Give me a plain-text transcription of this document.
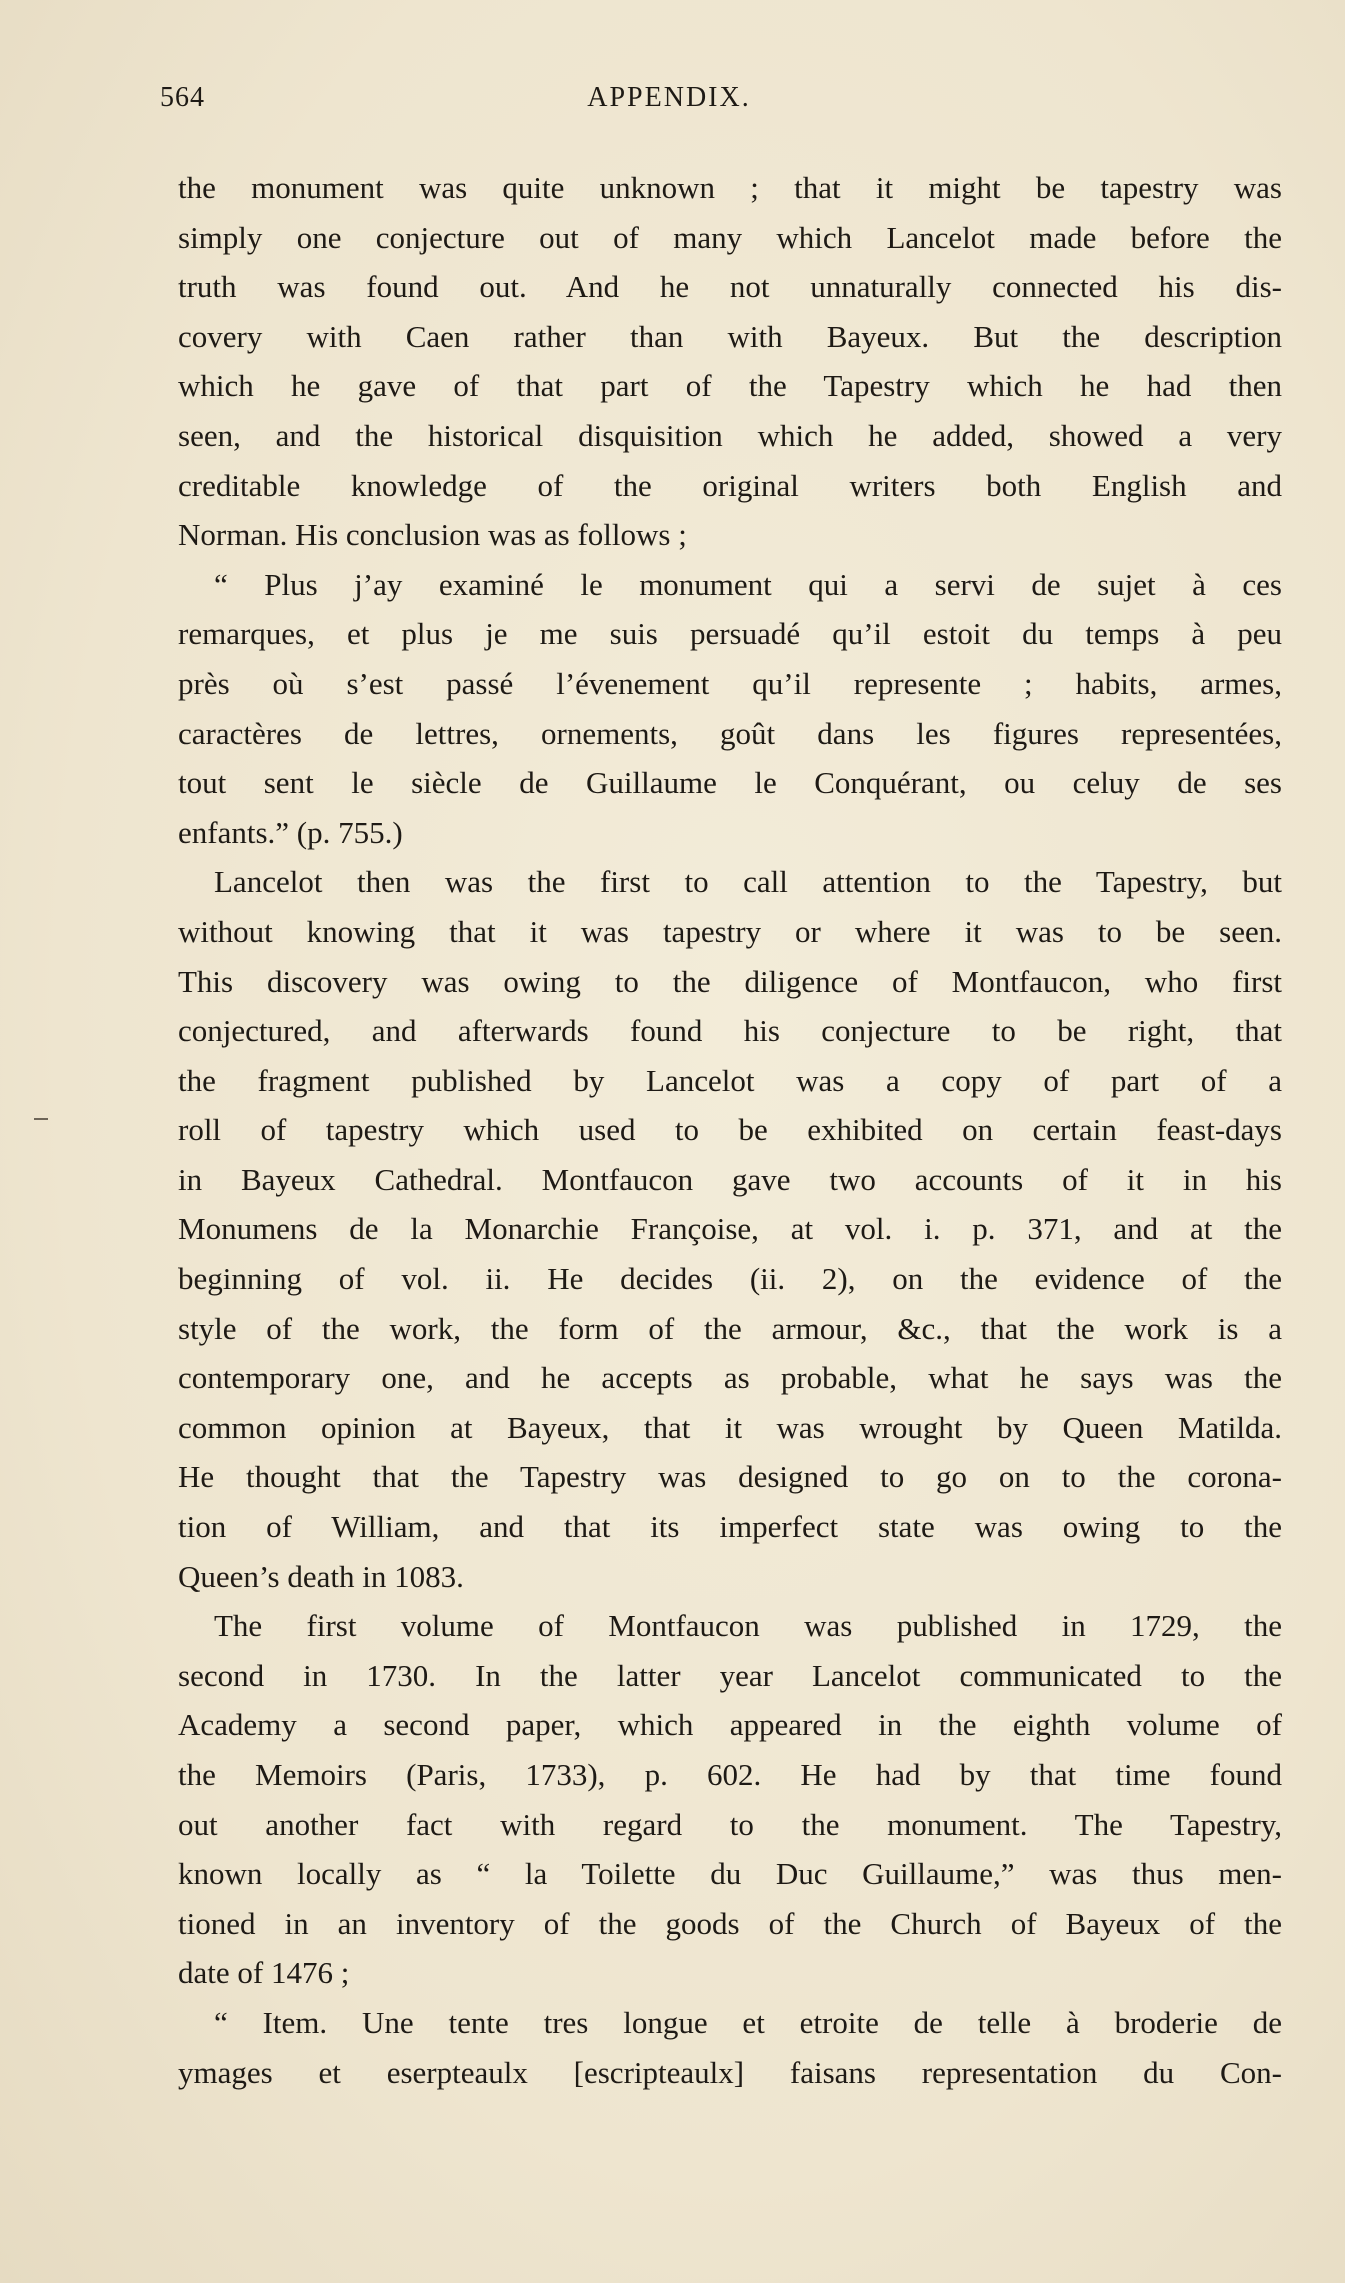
564	APPENDIX.
the monument was quite unknown ; that it might be tapestry was
simply one conjecture out of many which Lancelot made before the
truth was found out. And he not unnaturally connected his dis-
covery with Caen rather than with Bayeux. But the description
which he gave of that part of the Tapestry which he had then
seen, and the historical disquisition which he added, showed a very
creditable knowledge of the original writers both English and
Norman. His conclusion was as follows ;
“ Plus j’ay examiné le monument qui a servi de sujet à ces
remarques, et plus je me suis persuadé qu’il estoit du temps à peu
près où s’est passé l’évenement qu’il represente ; habits, armes,
caractères de lettres, ornements, goût dans les figures representées,
tout sent le siècle de Guillaume le Conquérant, ou celuy de ses
enfants.” (p. 755.)
Lancelot then was the first to call attention to the Tapestry, but
without knowing that it was tapestry or where it was to be seen.
This discovery was owing to the diligence of Montfaucon, who first
conjectured, and afterwards found his conjecture to be right, that
the fragment published by Lancelot was a copy of part of a
roll of tapestry which used to be exhibited on certain feast-days
in Bayeux Cathedral. Montfaucon gave two accounts of it in his
Monumens de la Monarchie Françoise, at vol. i. p. 371, and at the
beginning of vol. ii. He decides (ii. 2), on the evidence of the
style of the work, the form of the armour, &c., that the work is a
contemporary one, and he accepts as probable, what he says was the
common opinion at Bayeux, that it was wrought by Queen Matilda.
He thought that the Tapestry was designed to go on to the corona-
tion of William, and that its imperfect state was owing to the
Queen’s death in 1083.
The first volume of Montfaucon was published in 1729, the
second in 1730. In the latter year Lancelot communicated to the
Academy a second paper, which appeared in the eighth volume of
the Memoirs (Paris, 1733), p. 602. He had by that time found
out another fact with regard to the monument. The Tapestry,
known locally as “ la Toilette du Duc Guillaume,” was thus men-
tioned in an inventory of the goods of the Church of Bayeux of the
date of 1476 ;
“ Item. Une tente tres longue et etroite de telle à broderie de
ymages et eserpteaulx [escripteaulx] faisans representation du Con-
